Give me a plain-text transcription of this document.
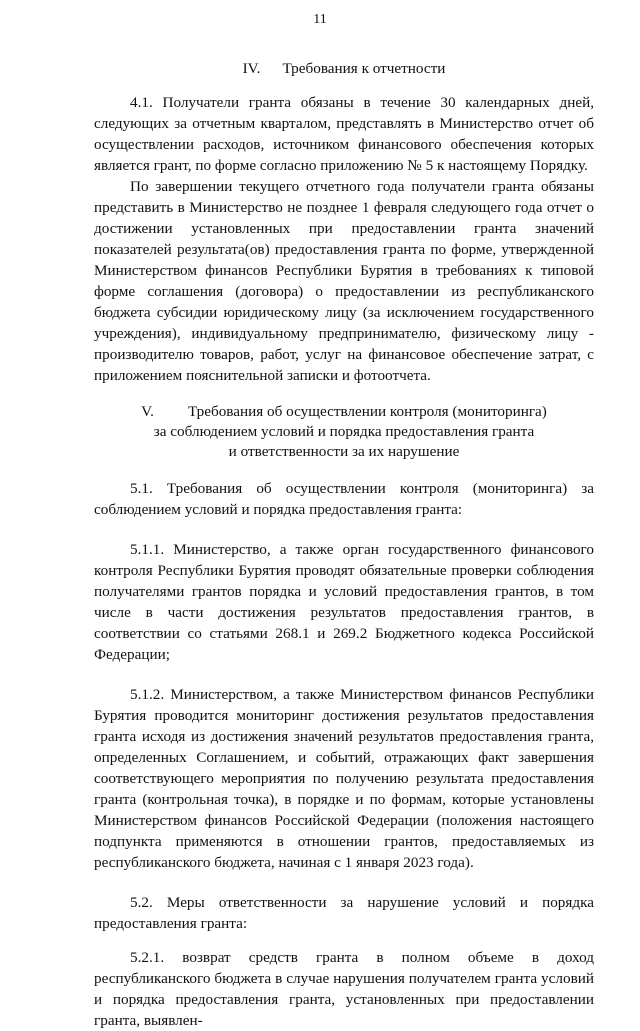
11
IV. Требования к отчетности

4.1. Получатели гранта обязаны в течение 30 календарных дней, следующих за отчетным кварталом, представлять в Министерство отчет об осуществлении расходов, источником финансового обеспечения которых является грант, по форме согласно приложению № 5 к настоящему Порядку.

По завершении текущего отчетного года получатели гранта обязаны представить в Министерство не позднее 1 февраля следующего года отчет о достижении установленных при предоставлении гранта значений показателей результата(ов) предоставления гранта по форме, утвержденной Министерством финансов Республики Бурятия в требованиях к типовой форме соглашения (договора) о предоставлении из республиканского бюджета субсидии юридическому лицу (за исключением государственного учреждения), индивидуальному предпринимателю, физическому лицу - производителю товаров, работ, услуг на финансовое обеспечение затрат, с приложением пояснительной записки и фотоотчета.

V. Требования об осуществлении контроля (мониторинга)
за соблюдением условий и порядка предоставления гранта
и ответственности за их нарушение

5.1. Требования об осуществлении контроля (мониторинга) за соблюдением условий и порядка предоставления гранта:

5.1.1. Министерство, а также орган государственного финансового контроля Республики Бурятия проводят обязательные проверки соблюдения получателями грантов порядка и условий предоставления грантов, в том числе в части достижения результатов предоставления грантов, в соответствии со статьями 268.1 и 269.2 Бюджетного кодекса Российской Федерации;

5.1.2. Министерством, а также Министерством финансов Республики Бурятия проводится мониторинг достижения результатов предоставления гранта исходя из достижения значений результатов предоставления гранта, определенных Соглашением, и событий, отражающих факт завершения соответствующего мероприятия по получению результата предоставления гранта (контрольная точка), в порядке и по формам, которые установлены Министерством финансов Российской Федерации (положения настоящего подпункта применяются в отношении грантов, предоставляемых из республиканского бюджета, начиная с 1 января 2023 года).

5.2. Меры ответственности за нарушение условий и порядка предоставления гранта:

5.2.1. возврат средств гранта в полном объеме в доход республиканского бюджета в случае нарушения получателем гранта условий и порядка предоставления гранта, установленных при предоставлении гранта, выявлен-
